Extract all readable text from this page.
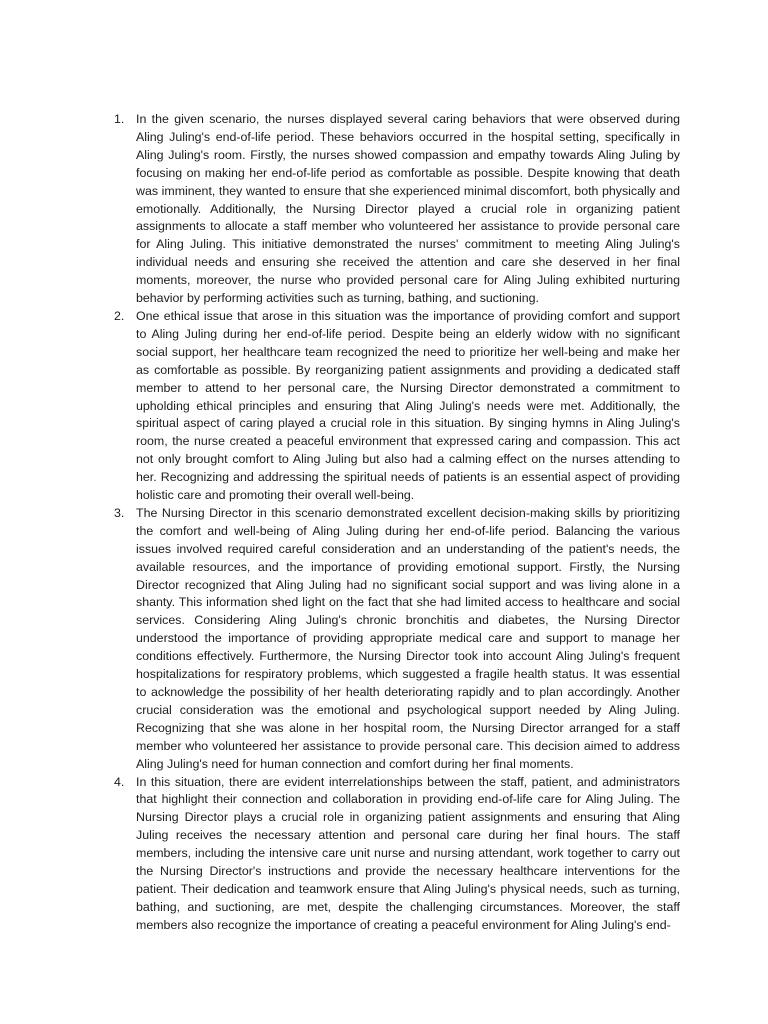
1. In the given scenario, the nurses displayed several caring behaviors that were observed during Aling Juling's end-of-life period. These behaviors occurred in the hospital setting, specifically in Aling Juling's room. Firstly, the nurses showed compassion and empathy towards Aling Juling by focusing on making her end-of-life period as comfortable as possible. Despite knowing that death was imminent, they wanted to ensure that she experienced minimal discomfort, both physically and emotionally. Additionally, the Nursing Director played a crucial role in organizing patient assignments to allocate a staff member who volunteered her assistance to provide personal care for Aling Juling. This initiative demonstrated the nurses' commitment to meeting Aling Juling's individual needs and ensuring she received the attention and care she deserved in her final moments, moreover, the nurse who provided personal care for Aling Juling exhibited nurturing behavior by performing activities such as turning, bathing, and suctioning.
2. One ethical issue that arose in this situation was the importance of providing comfort and support to Aling Juling during her end-of-life period. Despite being an elderly widow with no significant social support, her healthcare team recognized the need to prioritize her well-being and make her as comfortable as possible. By reorganizing patient assignments and providing a dedicated staff member to attend to her personal care, the Nursing Director demonstrated a commitment to upholding ethical principles and ensuring that Aling Juling's needs were met. Additionally, the spiritual aspect of caring played a crucial role in this situation. By singing hymns in Aling Juling's room, the nurse created a peaceful environment that expressed caring and compassion. This act not only brought comfort to Aling Juling but also had a calming effect on the nurses attending to her. Recognizing and addressing the spiritual needs of patients is an essential aspect of providing holistic care and promoting their overall well-being.
3. The Nursing Director in this scenario demonstrated excellent decision-making skills by prioritizing the comfort and well-being of Aling Juling during her end-of-life period. Balancing the various issues involved required careful consideration and an understanding of the patient's needs, the available resources, and the importance of providing emotional support. Firstly, the Nursing Director recognized that Aling Juling had no significant social support and was living alone in a shanty. This information shed light on the fact that she had limited access to healthcare and social services. Considering Aling Juling's chronic bronchitis and diabetes, the Nursing Director understood the importance of providing appropriate medical care and support to manage her conditions effectively. Furthermore, the Nursing Director took into account Aling Juling's frequent hospitalizations for respiratory problems, which suggested a fragile health status. It was essential to acknowledge the possibility of her health deteriorating rapidly and to plan accordingly. Another crucial consideration was the emotional and psychological support needed by Aling Juling. Recognizing that she was alone in her hospital room, the Nursing Director arranged for a staff member who volunteered her assistance to provide personal care. This decision aimed to address Aling Juling's need for human connection and comfort during her final moments.
4. In this situation, there are evident interrelationships between the staff, patient, and administrators that highlight their connection and collaboration in providing end-of-life care for Aling Juling. The Nursing Director plays a crucial role in organizing patient assignments and ensuring that Aling Juling receives the necessary attention and personal care during her final hours. The staff members, including the intensive care unit nurse and nursing attendant, work together to carry out the Nursing Director's instructions and provide the necessary healthcare interventions for the patient. Their dedication and teamwork ensure that Aling Juling's physical needs, such as turning, bathing, and suctioning, are met, despite the challenging circumstances. Moreover, the staff members also recognize the importance of creating a peaceful environment for Aling Juling's end-
